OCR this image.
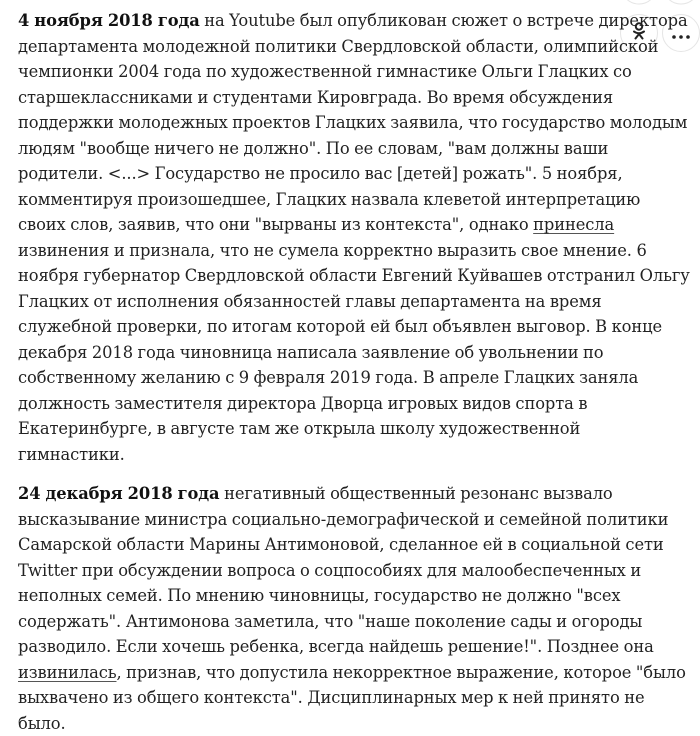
4 ноября 2018 года на Youtube был опубликован сюжет о встрече директора департамента молодежной политики Свердловской области, олимпийской чемпионки 2004 года по художественной гимнастике Ольги Глацких со старшеклассниками и студентами Кировграда. Во время обсуждения поддержки молодежных проектов Глацких заявила, что государство молодым людям "вообще ничего не должно". По ее словам, "вам должны ваши родители. <...> Государство не просило вас [детей] рожать". 5 ноября, комментируя произошедшее, Глацких назвала клеветой интерпретацию своих слов, заявив, что они "вырваны из контекста", однако принесла извинения и признала, что не сумела корректно выразить свое мнение. 6 ноября губернатор Свердловской области Евгений Куйвашев отстранил Ольгу Глацких от исполнения обязанностей главы департамента на время служебной проверки, по итогам которой ей был объявлен выговор. В конце декабря 2018 года чиновница написала заявление об увольнении по собственному желанию с 9 февраля 2019 года. В апреле Глацких заняла должность заместителя директора Дворца игровых видов спорта в Екатеринбурге, в августе там же открыла школу художественной гимнастики.

24 декабря 2018 года негативный общественный резонанс вызвало высказывание министра социально-демографической и семейной политики Самарской области Марины Антимоновой, сделанное ей в социальной сети Twitter при обсуждении вопроса о соцпособиях для малообеспеченных и неполных семей. По мнению чиновницы, государство не должно "всех содержать". Антимонова заметила, что "наше поколение сады и огороды разводило. Если хочешь ребенка, всегда найдешь решение!". Позднее она извинилась, признав, что допустила некорректное выражение, которое "было выхвачено из общего контекста". Дисциплинарных мер к ней принято не было.
